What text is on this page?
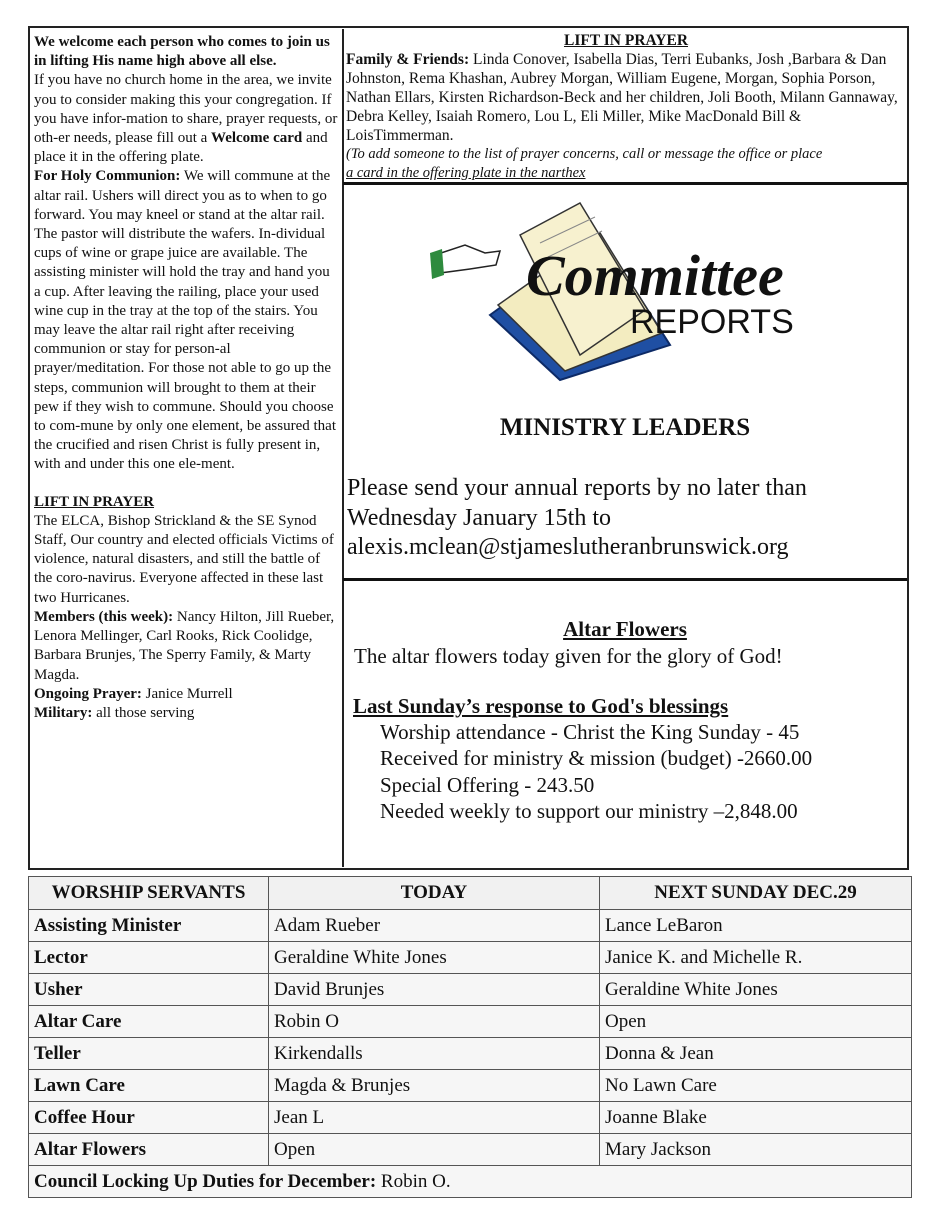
We welcome each person who comes to join us in lifting His name high above all else.
If you have no church home in the area, we invite you to consider making this your congregation. If you have infor-mation to share, prayer requests, or oth-er needs, please fill out a Welcome card and place it in the offering plate.

For Holy Communion: We will commune at the altar rail. Ushers will direct you as to when to go forward. You may kneel or stand at the altar rail. The pastor will distribute the wafers. In-dividual cups of wine or grape juice are available. The assisting minister will hold the tray and hand you a cup. After leaving the railing, place your used wine cup in the tray at the top of the stairs. You may leave the altar rail right after receiving communion or stay for person-al prayer/meditation. For those not able to go up the steps, communion will brought to them at their pew if they wish to commune. Should you choose to com-mune by only one element, be assured that the crucified and risen Christ is fully present in, with and under this one ele-ment.

LIFT IN PRAYER

The ELCA, Bishop Strickland & the SE Synod Staff, Our country and elected officials Victims of violence, natural disasters, and still the battle of the coro-navirus. Everyone affected in these last two Hurricanes.

Members (this week): Nancy Hilton, Jill Rueber, Lenora Mellinger, Carl Rooks, Rick Coolidge, Barbara Brunjes, The Sperry Family, & Marty Magda.

Ongoing Prayer: Janice Murrell

Military: all those serving

LIFT IN PRAYER
Family & Friends: Linda Conover, Isabella Dias, Terri Eubanks, Josh ,Barbara & Dan Johnston, Rema Khashan, Aubrey Morgan, William Eugene, Morgan, Sophia Porson, Nathan Ellars, Kirsten Richardson-Beck and her children, Joli Booth, Milann Gannaway, Debra Kelley, Isaiah Romero, Lou L, Eli Miller, Mike MacDonald Bill & LoisTimmerman.
(To add someone to the list of prayer concerns, call or message the office or place
a card in the offering plate in the narthex
Committee
REPORTS
MINISTRY LEADERS
Please send your annual reports by no later than
Wednesday January 15th to
alexis.mclean@stjameslutheranbrunswick.org
Altar Flowers
The altar flowers today given for the glory of God!
Last Sunday’s response to God's blessings
Worship attendance - Christ the King Sunday - 45
Received for ministry & mission (budget) -2660.00
Special Offering - 243.50
Needed weekly to support our ministry –2,848.00
WORSHIP SERVANTS	TODAY	NEXT SUNDAY DEC.29
Assisting Minister	Adam Rueber	Lance LeBaron
Lector	Geraldine White Jones	Janice K. and Michelle R.
Usher	David Brunjes	Geraldine White Jones
Altar Care	Robin O	Open
Teller	Kirkendalls	Donna & Jean
Lawn Care	Magda & Brunjes	No Lawn Care
Coffee Hour	Jean L	Joanne Blake
Altar Flowers	Open	Mary Jackson
Council Locking Up Duties for December: Robin O.		
